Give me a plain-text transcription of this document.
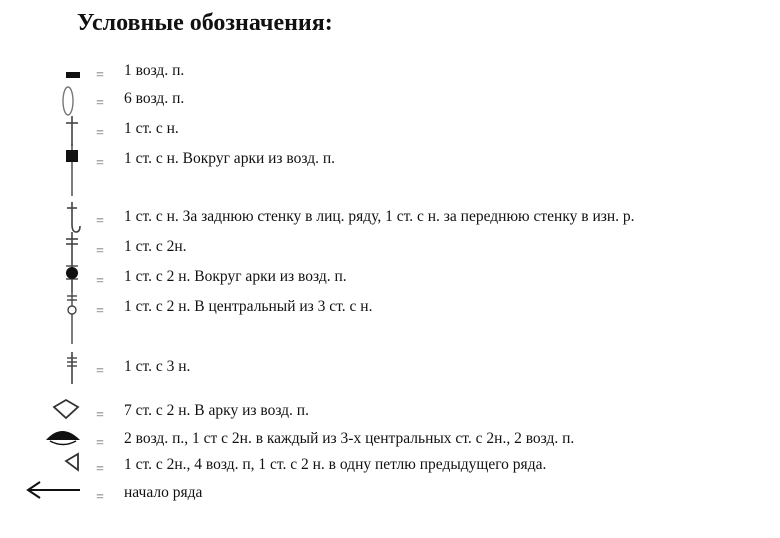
Условные обозначения:
= 1 возд. п.
= 6 возд. п.
= 1 ст. с н.
= 1 ст. с н. Вокруг арки из возд. п.
= 1 ст. с н. За заднюю стенку в лиц. ряду, 1 ст. с н. за переднюю стенку в изн. р.
= 1 ст. с 2н.
= 1 ст. с 2 н. Вокруг арки из возд. п.
= 1 ст. с 2 н. В центральный из 3 ст. с н.
= 1 ст. с 3 н.
= 7 ст. с 2 н. В арку из возд. п.
= 2 возд. п., 1 ст с 2н. в каждый из 3-х центральных ст. с 2н., 2 возд. п.
= 1 ст. с 2н., 4 возд. п, 1 ст. с 2 н. в одну петлю предыдущего ряда.
= начало ряда
